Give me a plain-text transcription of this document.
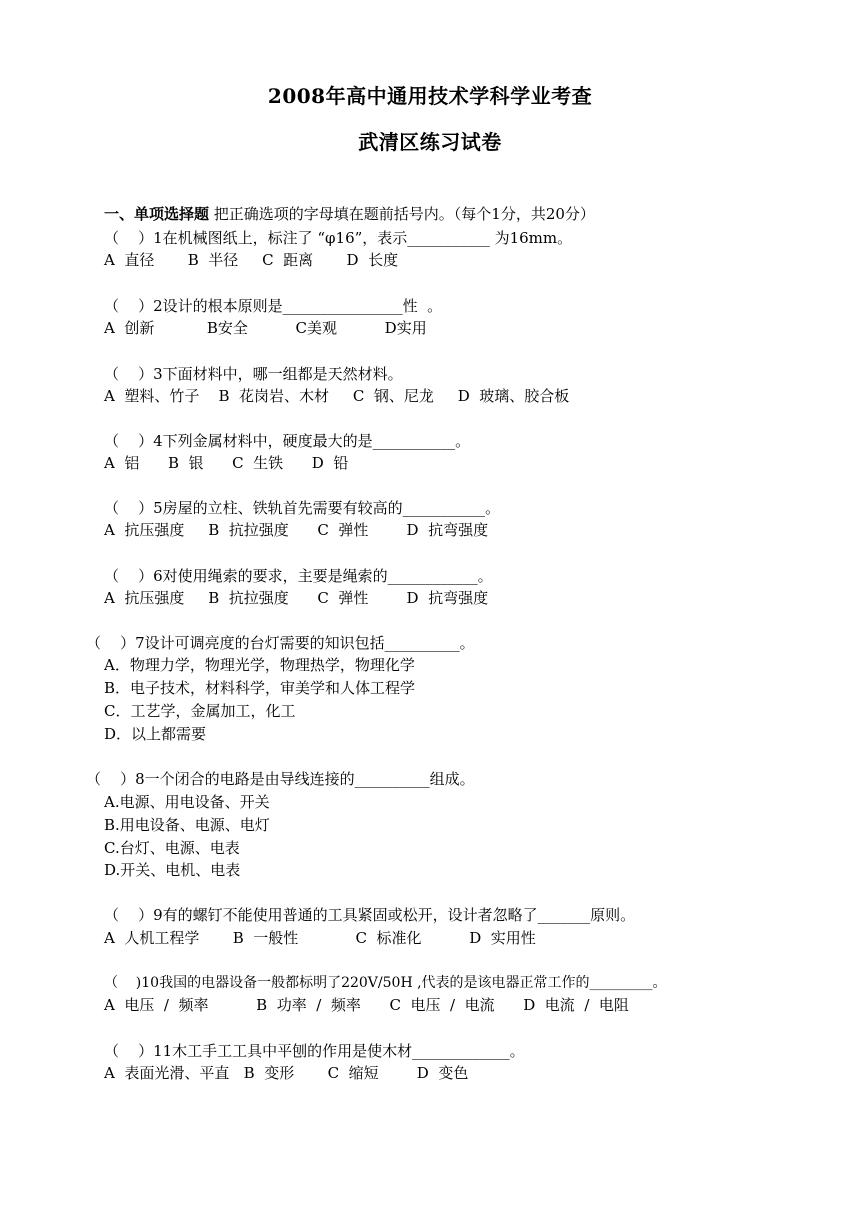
2008年高中通用技术学科学业考查
武清区练习试卷
一、单项选择题 把正确选项的字母填在题前括号内。（每个1分，共20分）
（    ）1在机械图纸上，标注了 “φ16”，表示___________ 为16mm。
A  直径       B  半径     C  距离       D  长度
（    ）2设计的根本原则是________________性  。
A  创新           B安全          C美观          D实用
（    ）3下面材料中，哪一组都是天然材料。
A  塑料、竹子    B  花岗岩、木材     C  钢、尼龙     D  玻璃、胶合板
（    ）4下列金属材料中，硬度最大的是___________。
A  铝      B  银      C  生铁      D  铅
（    ）5房屋的立柱、铁轨首先需要有较高的___________。
A  抗压强度     B  抗拉强度      C  弹性        D  抗弯强度
（    ）6对使用绳索的要求，主要是绳索的____________。
A  抗压强度     B  抗拉强度      C  弹性        D  抗弯强度
（    ）7设计可调亮度的台灯需要的知识包括__________。
A．物理力学，物理光学，物理热学，物理化学
B．电子技术，材料科学，审美学和人体工程学
C．工艺学，金属加工，化工
D．以上都需要
（    ）8一个闭合的电路是由导线连接的__________组成。
A.电源、用电设备、开关
B.用电设备、电源、电灯
C.台灯、电源、电表
D.开关、电机、电表
（    ）9有的螺钉不能使用普通的工具紧固或松开，设计者忽略了_______原则。
A  人机工程学       B  一般性            C  标准化          D  实用性
（    )10我国的电器设备一般都标明了220V/50H ,代表的是该电器正常工作的_________。
A  电压  /  频率          B  功率  /  频率      C  电压  /  电流      D  电流  /  电阻
（    ）11木工手工工具中平刨的作用是使木材_____________。
A  表面光滑、平直   B  变形       C  缩短        D  变色
